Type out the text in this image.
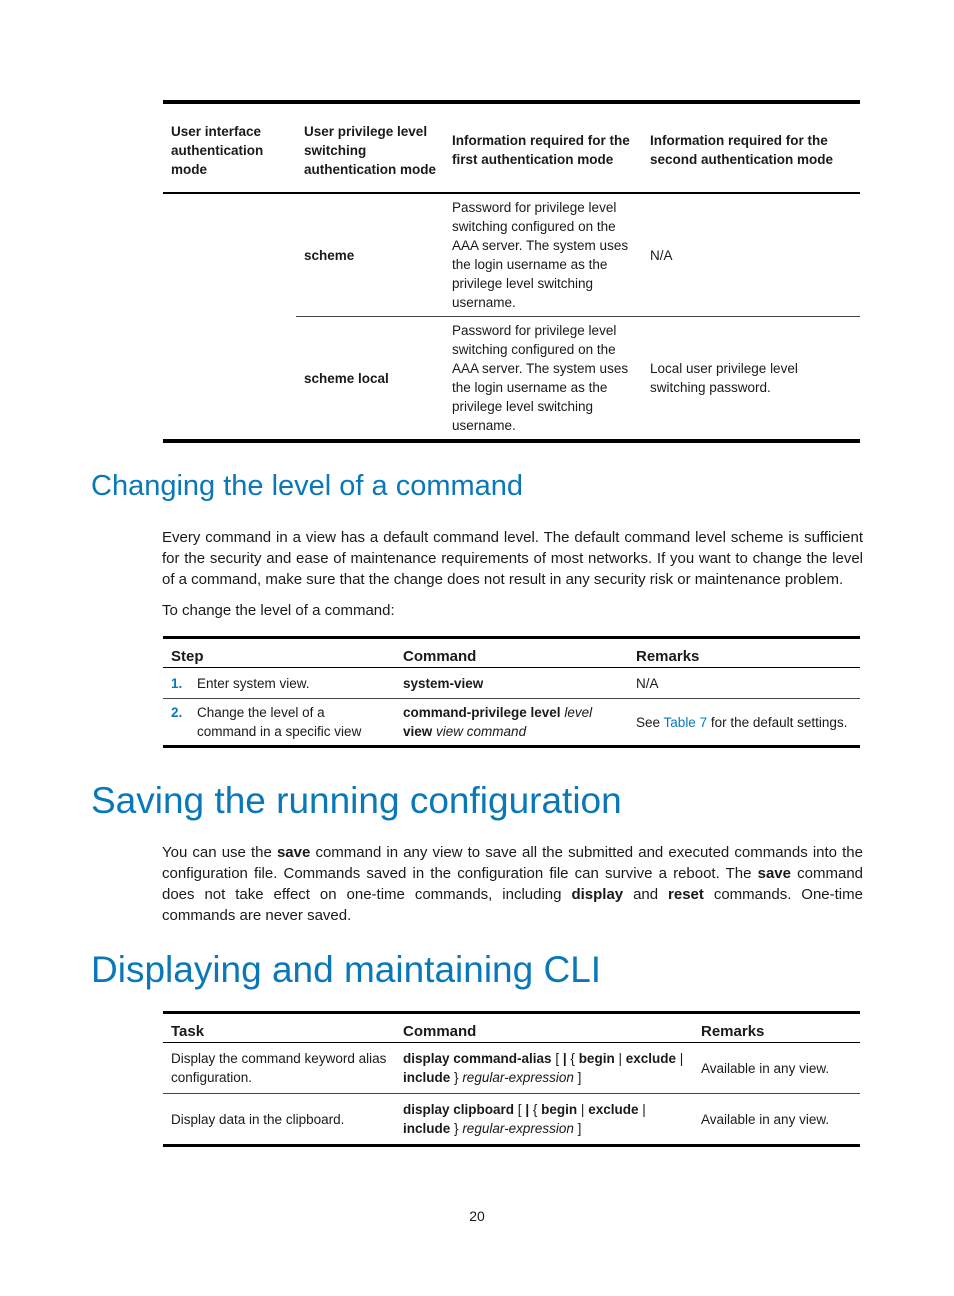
User interface authentication mode	User privilege level switching authentication mode	Information required for the first authentication mode	Information required for the second authentication mode
	scheme	Password for privilege level switching configured on the AAA server. The system uses the login username as the privilege level switching username.	N/A
	scheme local	Password for privilege level switching configured on the AAA server. The system uses the login username as the privilege level switching username.	Local user privilege level switching password.
Changing the level of a command

Every command in a view has a default command level. The default command level scheme is sufficient for the security and ease of maintenance requirements of most networks. If you want to change the level of a command, make sure that the change does not result in any security risk or maintenance problem.

To change the level of a command:

Step	Command	Remarks
1. Enter system view.	system-view	N/A
2. Change the level of a command in a specific view	command-privilege level level view view command	See Table 7 for the default settings.
Saving the running configuration

You can use the save command in any view to save all the submitted and executed commands into the configuration file. Commands saved in the configuration file can survive a reboot. The save command does not take effect on one-time commands, including display and reset commands. One-time commands are never saved.

Displaying and maintaining CLI
Task	Command	Remarks
Display the command keyword alias configuration.	display command-alias [ | { begin | exclude | include } regular-expression ]	Available in any view.
Display data in the clipboard.	display clipboard [ | { begin | exclude | include } regular-expression ]	Available in any view.
20
